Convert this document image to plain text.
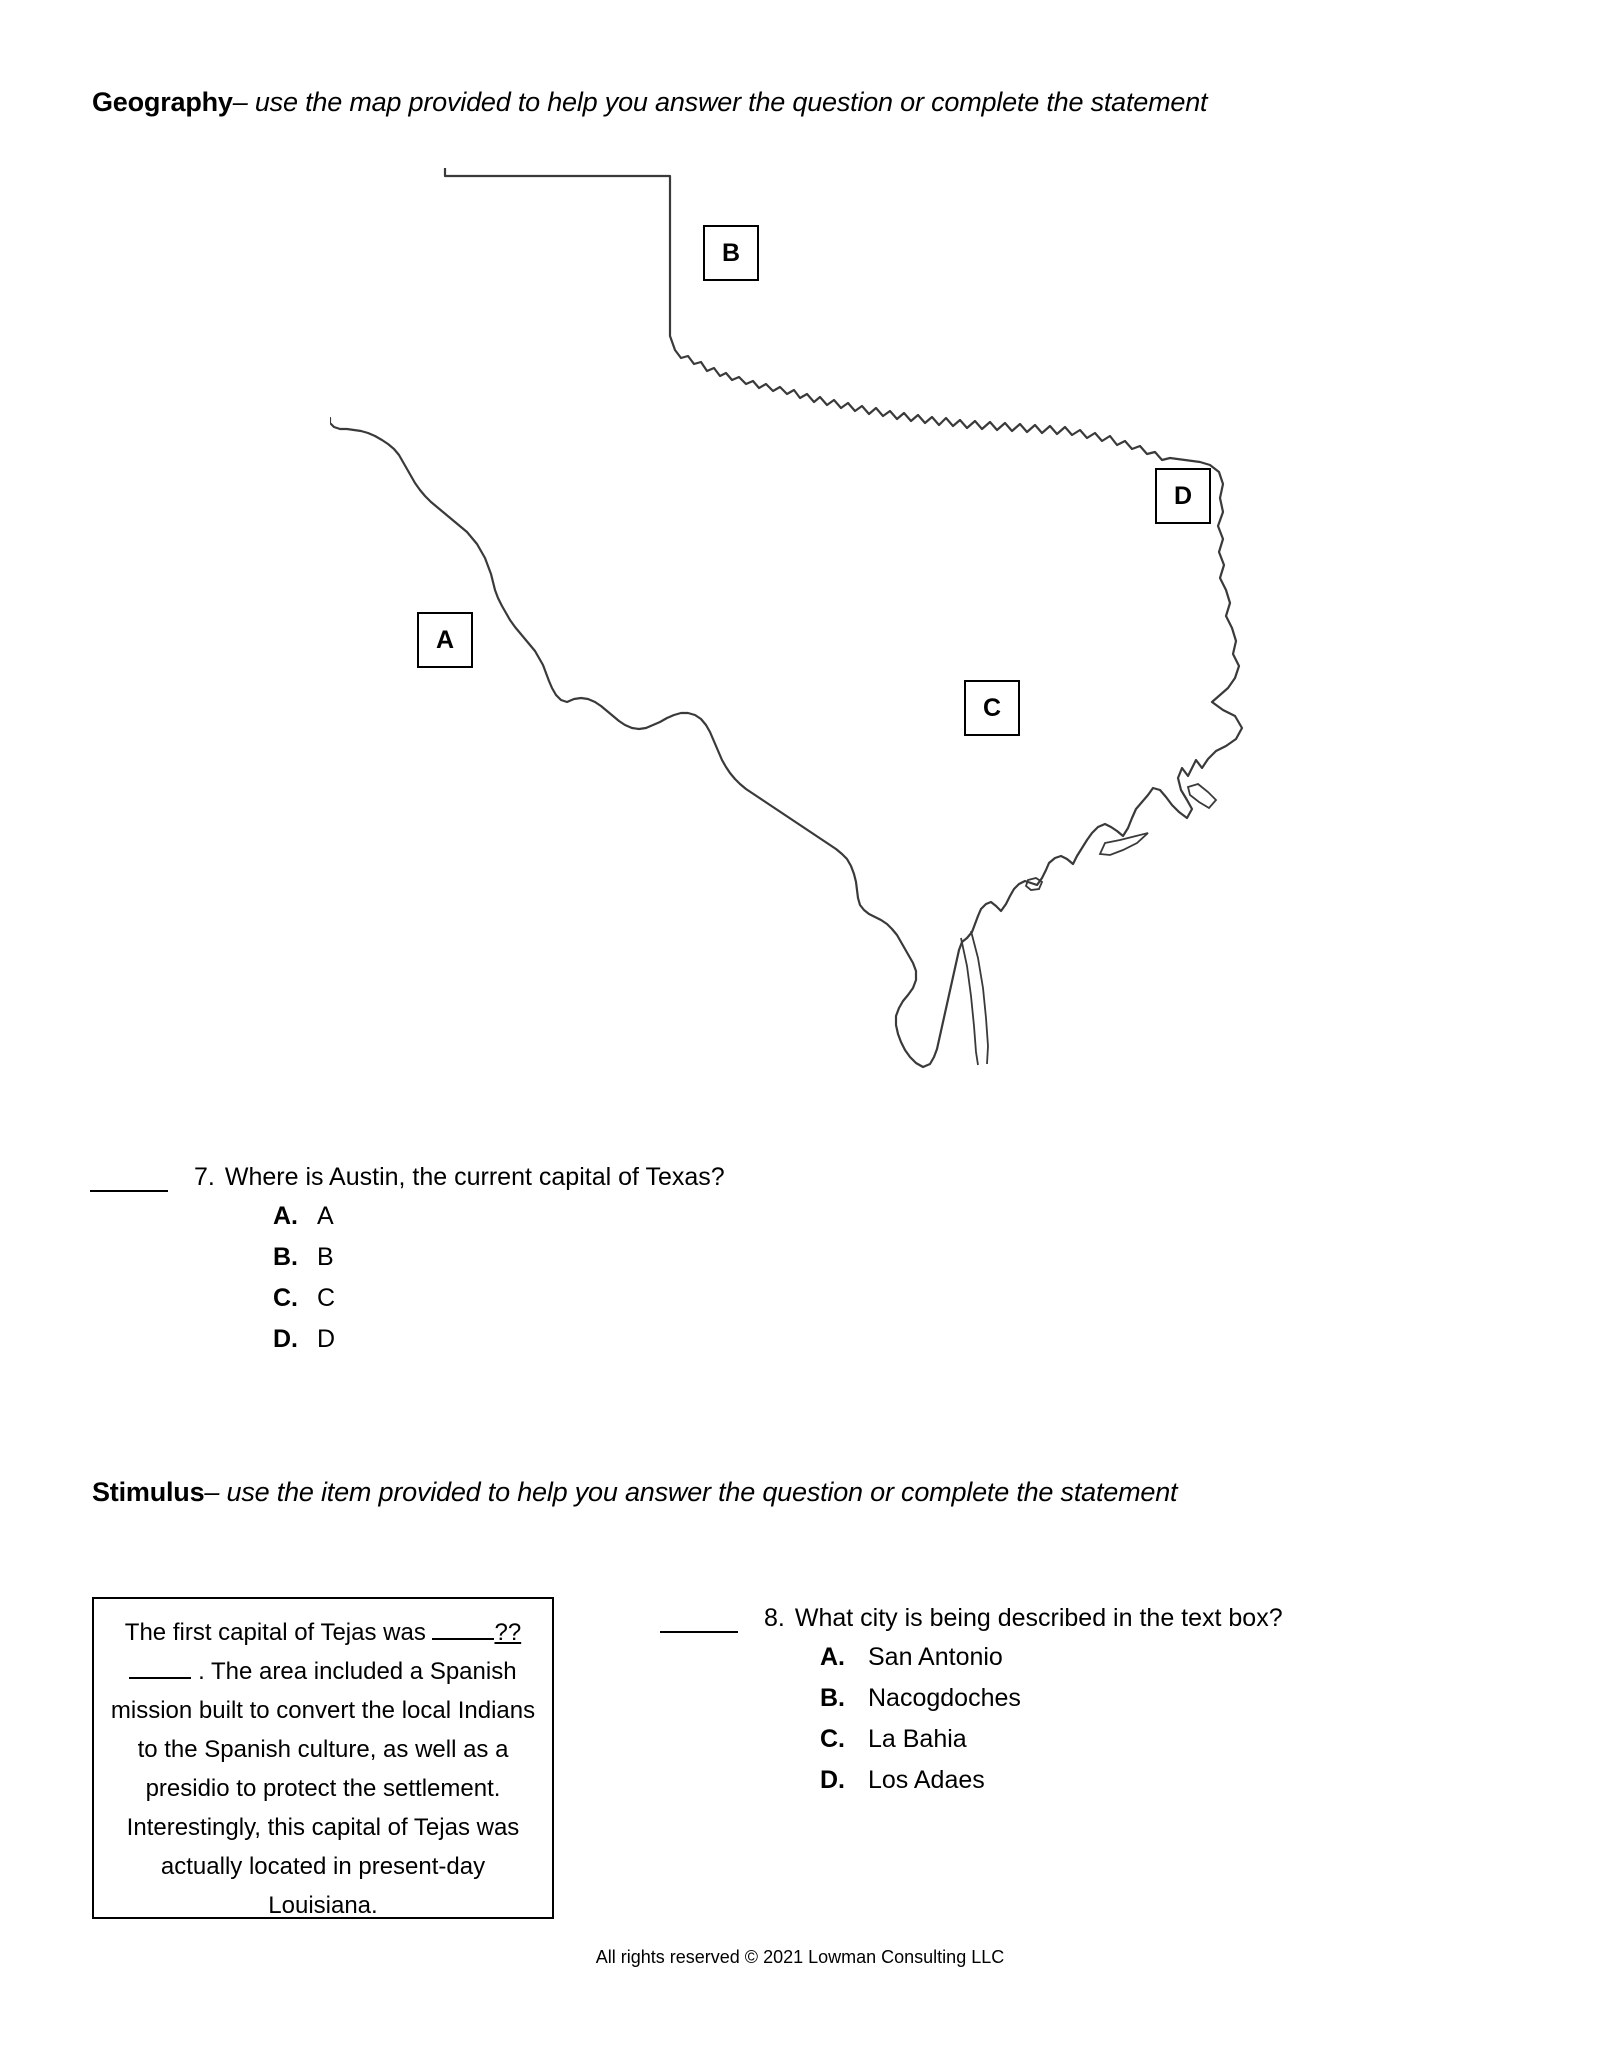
Geography– use the map provided to help you answer the question or complete the statement
A
B
C
D
7. Where is Austin, the current capital of Texas?
A. A
B. B
C. C
D. D
Stimulus– use the item provided to help you answer the question or complete the statement
The first capital of Tejas was	?? . The area included a Spanish mission built to convert the local Indians to the Spanish culture, as well as a presidio to protect the settlement. Interestingly, this capital of Tejas was actually located in present-day Louisiana.
8. What city is being described in the text box?
A. San Antonio
B. Nacogdoches
C. La Bahia
D. Los Adaes
All rights reserved © 2021 Lowman Consulting LLC
